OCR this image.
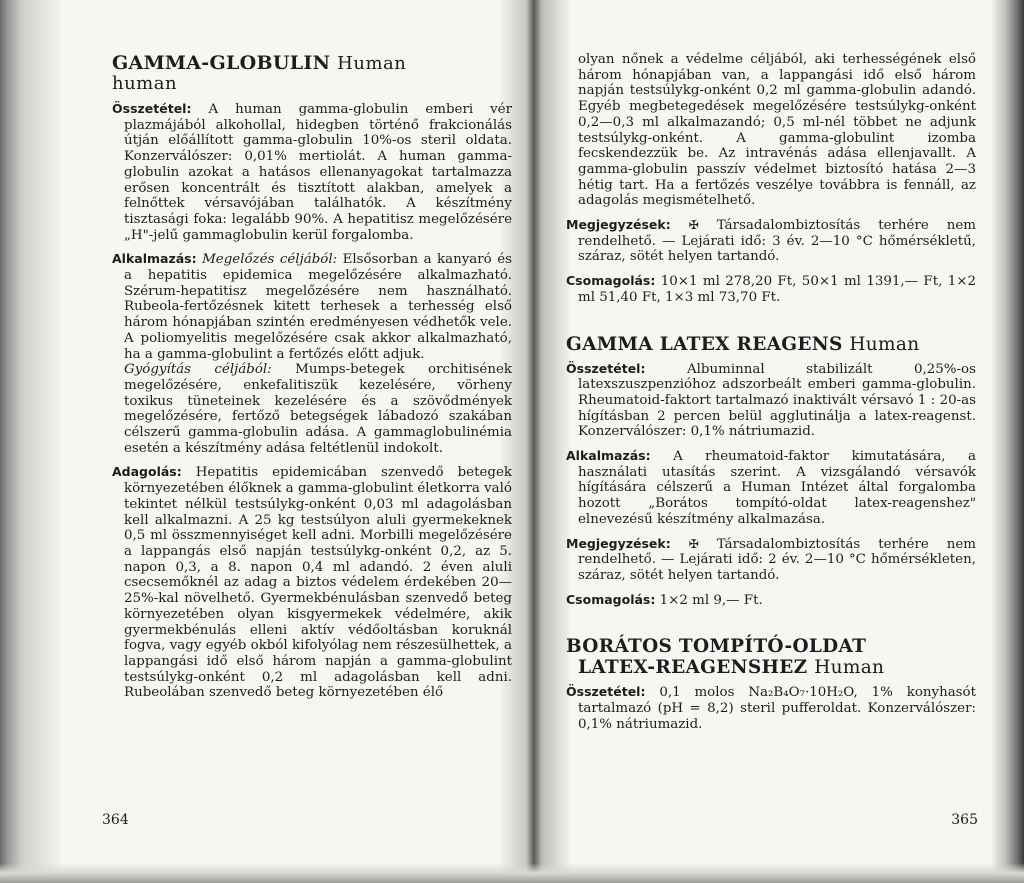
GAMMA-GLOBULIN Human
human

Összetétel: A human gamma-globulin emberi vér plazmájából alkohollal, hidegben történő frakcionálás útján előállított gamma-globulin 10%-os steril oldata. Konzerválószer: 0,01% mertiolát. A human gamma-globulin azokat a hatásos ellenanyagokat tartalmazza erősen koncentrált és tisztított alakban, amelyek a felnőttek vérsavójában találhatók. A készítmény tisztasági foka: legalább 90%. A hepatitisz megelőzésére „H"-jelű gammaglobulin kerül forgalomba.

Alkalmazás: Megelőzés céljából: Elsősorban a kanyaró és a hepatitis epidemica megelőzésére alkalmazható. Szérum-hepatitisz megelőzésére nem használható. Rubeola-fertőzésnek kitett terhesek a terhesség első három hónapjában szintén eredményesen védhetők vele. A poliomyelitis megelőzésére csak akkor alkalmazható, ha a gamma-globulint a fertőzés előtt adjuk.
Gyógyítás céljából: Mumps-betegek orchitisének megelőzésére, enkefalitiszük kezelésére, vörheny toxikus tüneteinek kezelésére és a szövődmények megelőzésére, fertőző betegségek lábadozó szakában célszerű gamma-globulin adása. A gammaglobulinémia esetén a készítmény adása feltétlenül indokolt.

Adagolás: Hepatitis epidemicában szenvedő betegek környezetében élőknek a gamma-globulint életkorra való tekintet nélkül testsúlykg-onként 0,03 ml adagolásban kell alkalmazni. A 25 kg testsúlyon aluli gyermekeknek 0,5 ml összmennyiséget kell adni. Morbilli megelőzésére a lappangás első napján testsúlykg-onként 0,2, az 5. napon 0,3, a 8. napon 0,4 ml adandó. 2 éven aluli csecsemőknél az adag a biztos védelem érdekében 20—25%-kal növelhető. Gyermekbénulásban szenvedő beteg környezetében olyan kisgyermekek védelmére, akik gyermekbénulás elleni aktív védőoltásban koruknál fogva, vagy egyéb okból kifolyólag nem részesülhettek, a lappangási idő első három napján a gamma-globulint testsúlykg-onként 0,2 ml adagolásban kell adni. Rubeolában szenvedő beteg környezetében élő

364

olyan nőnek a védelme céljából, aki terhességének első három hónapjában van, a lappangási idő első három napján testsúlykg-onként 0,2 ml gamma-globulin adandó. Egyéb megbetegedések megelőzésére testsúlykg-onként 0,2—0,3 ml alkalmazandó; 0,5 ml-nél többet ne adjunk testsúlykg-onként. A gamma-globulint izomba fecskendezzük be. Az intravénás adása ellenjavallt. A gamma-globulin passzív védelmet biztosító hatása 2—3 hétig tart. Ha a fertőzés veszélye továbbra is fennáll, az adagolás megismételhető.

Megjegyzések: ✠ Társadalombiztosítás terhére nem rendelhető. — Lejárati idő: 3 év. 2—10 °C hőmérsékletű, száraz, sötét helyen tartandó.

Csomagolás: 10×1 ml 278,20 Ft, 50×1 ml 1391,— Ft, 1×2 ml 51,40 Ft, 1×3 ml 73,70 Ft.

GAMMA LATEX REAGENS Human

Összetétel:	Albuminnal stabilizált 0,25%-os latexszuszpenzióhoz adszorbeált emberi gamma-globulin. Rheumatoid-faktort tartalmazó inaktivált vérsavó 1 : 20-as hígításban 2 percen belül agglutinálja a latex-reagenst. Konzerválószer: 0,1% nátriumazid.

Alkalmazás: A rheumatoid-faktor kimutatására, a használati utasítás szerint. A vizsgálandó vérsavók hígítására célszerű a Human Intézet által forgalomba hozott „Borátos tompító-oldat latex-reagenshez" elnevezésű készítmény alkalmazása.

Megjegyzések: ✠ Társadalombiztosítás terhére nem rendelhető. — Lejárati idő: 2 év. 2—10 °C hőmérsékleten, száraz, sötét helyen tartandó.

Csomagolás: 1×2 ml 9,— Ft.

BORÁTOS TOMPÍTÓ-OLDAT
LATEX-REAGENSHEZ Human

Összetétel: 0,1 molos Na₂B₄O₇·10H₂O, 1% konyhasót tartalmazó (pH = 8,2) steril pufferoldat. Konzerválószer: 0,1% nátriumazid.

365
